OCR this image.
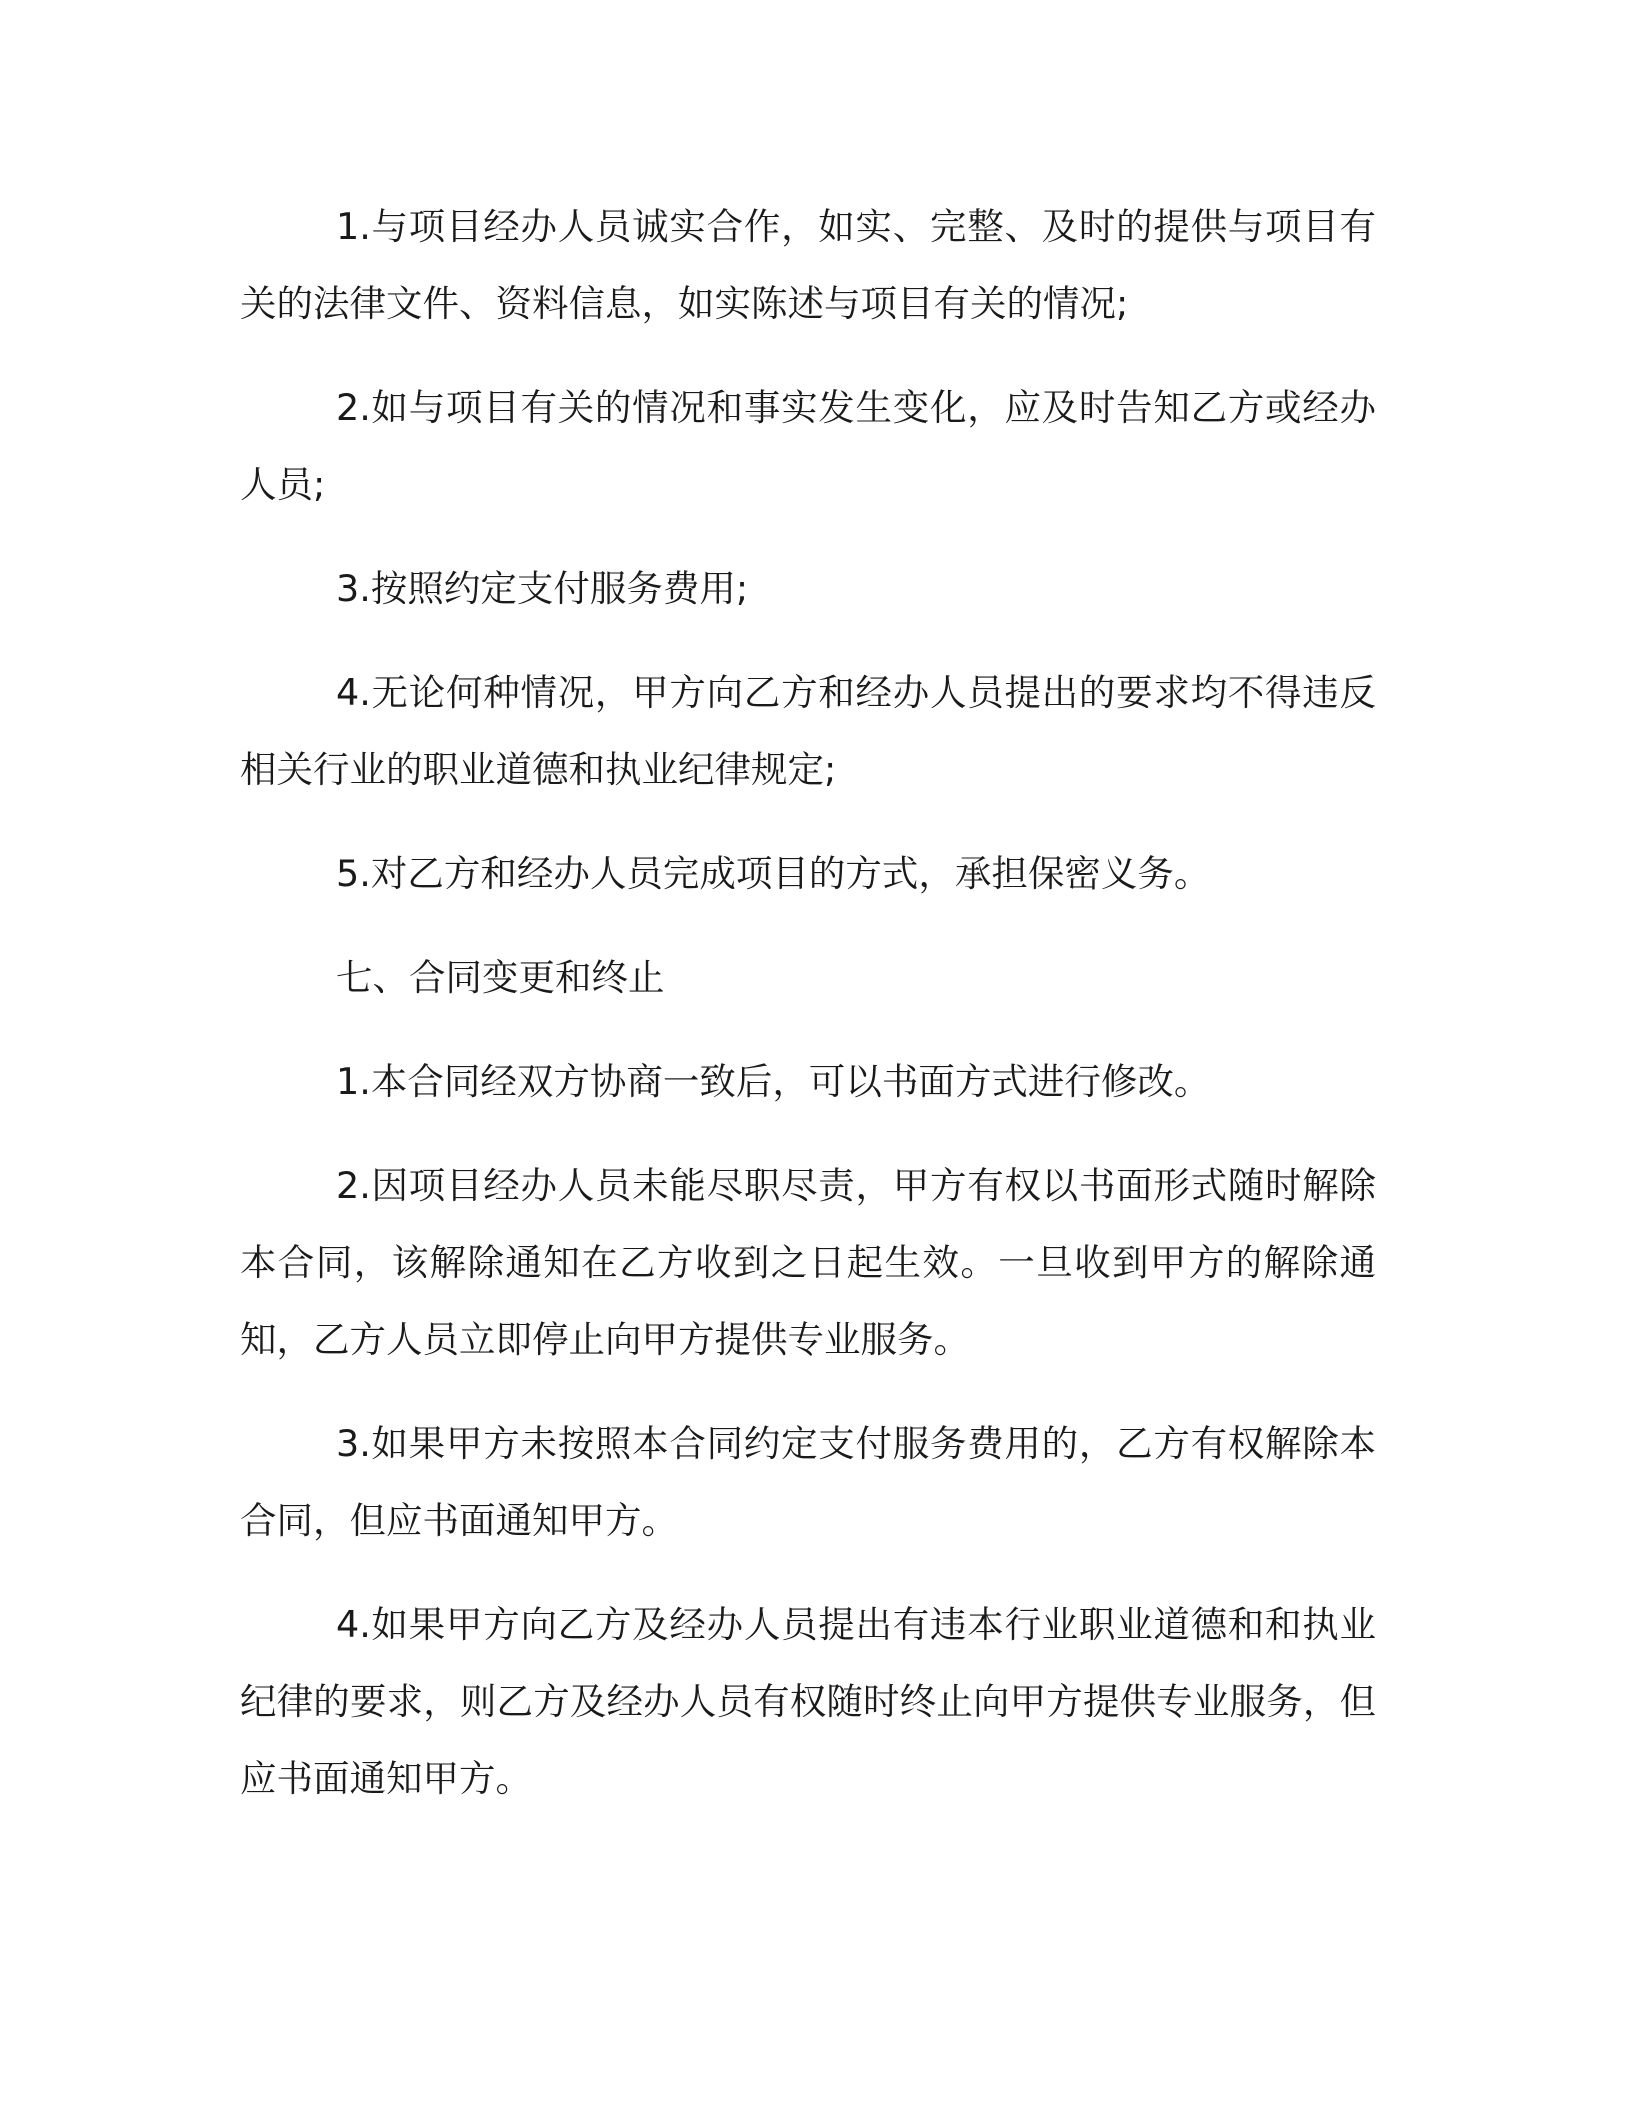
1.与项目经办人员诚实合作，如实、完整、及时的提供与项目有关的法律文件、资料信息，如实陈述与项目有关的情况;

2.如与项目有关的情况和事实发生变化，应及时告知乙方或经办人员;

3.按照约定支付服务费用;

4.无论何种情况，甲方向乙方和经办人员提出的要求均不得违反相关行业的职业道德和执业纪律规定;

5.对乙方和经办人员完成项目的方式，承担保密义务。

七、合同变更和终止

1.本合同经双方协商一致后，可以书面方式进行修改。

2.因项目经办人员未能尽职尽责，甲方有权以书面形式随时解除本合同，该解除通知在乙方收到之日起生效。一旦收到甲方的解除通知，乙方人员立即停止向甲方提供专业服务。

3.如果甲方未按照本合同约定支付服务费用的，乙方有权解除本合同，但应书面通知甲方。

4.如果甲方向乙方及经办人员提出有违本行业职业道德和和执业纪律的要求，则乙方及经办人员有权随时终止向甲方提供专业服务，但应书面通知甲方。
